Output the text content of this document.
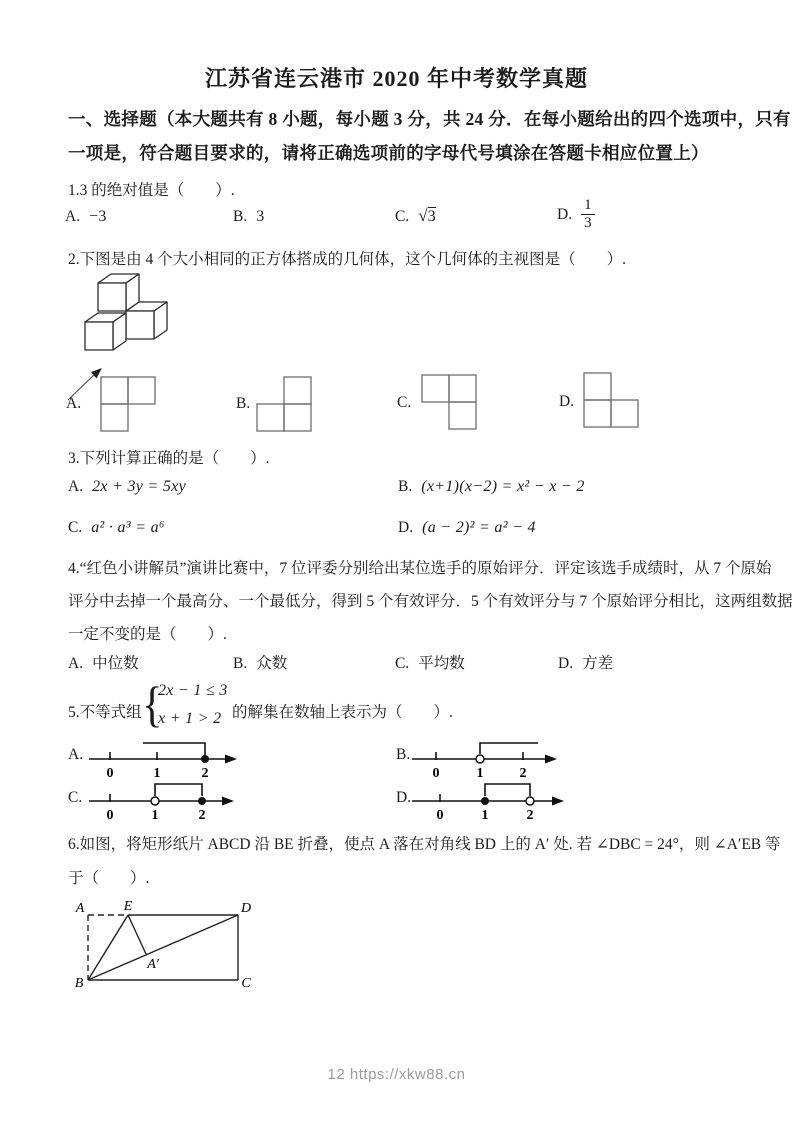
江苏省连云港市 2020 年中考数学真题
一、选择题（本大题共有 8 小题，每小题 3 分，共 24 分．在每小题给出的四个选项中，只有
一项是，符合题目要求的，请将正确选项前的字母代号填涂在答题卡相应位置上）
1.3 的绝对值是（　　）.
A. −3	B. 3	C. √3	D. $\frac{1}{3}$
2.下图是由 4 个大小相同的正方体搭成的几何体，这个几何体的主视图是（　　）.
A.	B.	C.	D.
3.下列计算正确的是（　　）.
A. 2x + 3y = 5xy	B. (x+1)(x−2) = x² − x − 2
C. a² · a³ = a⁶	D. (a − 2)² = a² − 4
4.“红色小讲解员”演讲比赛中，7 位评委分别给出某位选手的原始评分．评定该选手成绩时，从 7 个原始
评分中去掉一个最高分、一个最低分，得到 5 个有效评分．5 个有效评分与 7 个原始评分相比，这两组数据
一定不变的是（　　）.
A. 中位数	B. 众数	C. 平均数	D. 方差
5.不等式组 {
2x − 1 ≤ 3
x + 1 > 2 的解集在数轴上表示为（　　）.
A.
0	1	2
B.
0	1	2
C.
0	1	2
D.
0	1	2
6.如图，将矩形纸片 ABCD 沿 BE 折叠，使点 A 落在对角线 BD 上的 A′ 处. 若 ∠DBC = 24°，则 ∠A′EB 等
于（　　）.
A	E	D
B	C
A′
12 https://xkw88.cn
